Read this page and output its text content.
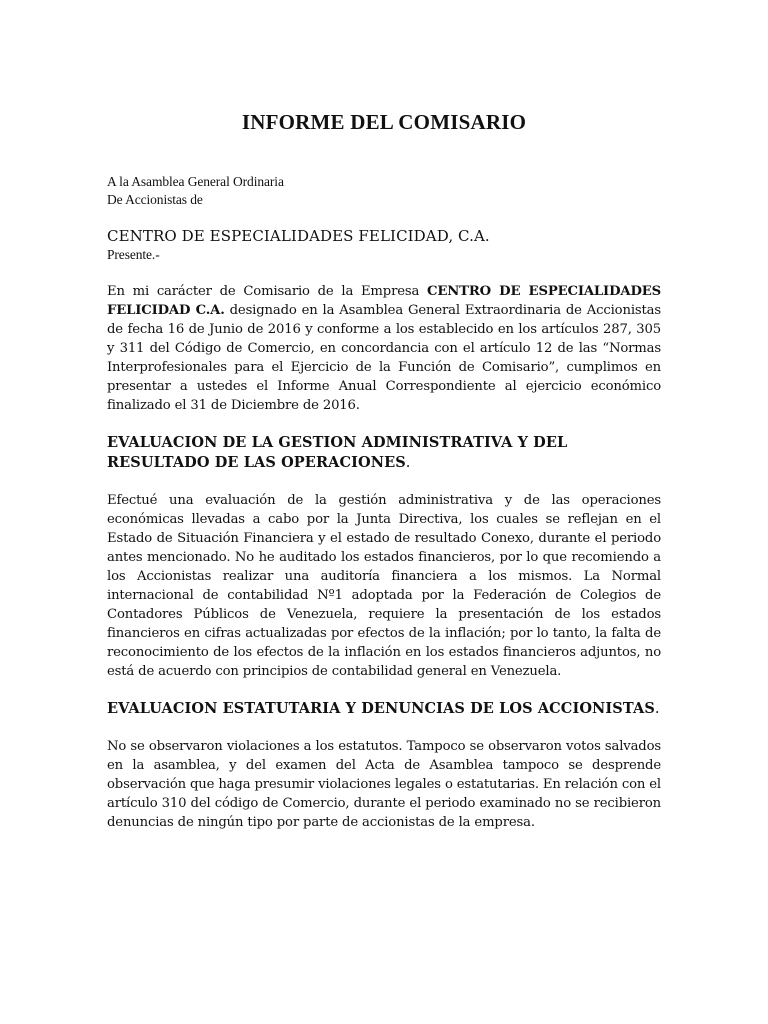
INFORME DEL COMISARIO

A la Asamblea General Ordinaria
De Accionistas de

CENTRO DE ESPECIALIDADES FELICIDAD, C.A.

Presente.-

En mi carácter de Comisario de la Empresa CENTRO DE ESPECIALIDADES FELICIDAD C.A. designado en la Asamblea General Extraordinaria de Accionistas de fecha 16 de Junio de 2016 y conforme a los establecido en los artículos 287, 305 y 311 del Código de Comercio, en concordancia con el artículo 12 de las “Normas Interprofesionales para el Ejercicio de la Función de Comisario”, cumplimos en presentar a ustedes el Informe Anual Correspondiente al ejercicio económico finalizado el 31 de Diciembre de 2016.

EVALUACION DE LA GESTION ADMINISTRATIVA Y DEL RESULTADO DE LAS OPERACIONES.

Efectué una evaluación de la gestión administrativa y de las operaciones económicas llevadas a cabo por la Junta Directiva, los cuales se reflejan en el Estado de Situación Financiera y el estado de resultado Conexo, durante el periodo antes mencionado. No he auditado los estados financieros, por lo que recomiendo a los Accionistas realizar una auditoría financiera a los mismos. La Normal internacional de contabilidad Nº1 adoptada por la Federación de Colegios de Contadores Públicos de Venezuela, requiere la presentación de los estados financieros en cifras actualizadas por efectos de la inflación; por lo tanto, la falta de reconocimiento de los efectos de la inflación en los estados financieros adjuntos, no está de acuerdo con principios de contabilidad general en Venezuela.

EVALUACION ESTATUTARIA Y DENUNCIAS DE LOS ACCIONISTAS.

No se observaron violaciones a los estatutos. Tampoco se observaron votos salvados en la asamblea, y del examen del Acta de Asamblea tampoco se desprende observación que haga presumir violaciones legales o estatutarias. En relación con el artículo 310 del código de Comercio, durante el periodo examinado no se recibieron denuncias de ningún tipo por parte de accionistas de la empresa.
